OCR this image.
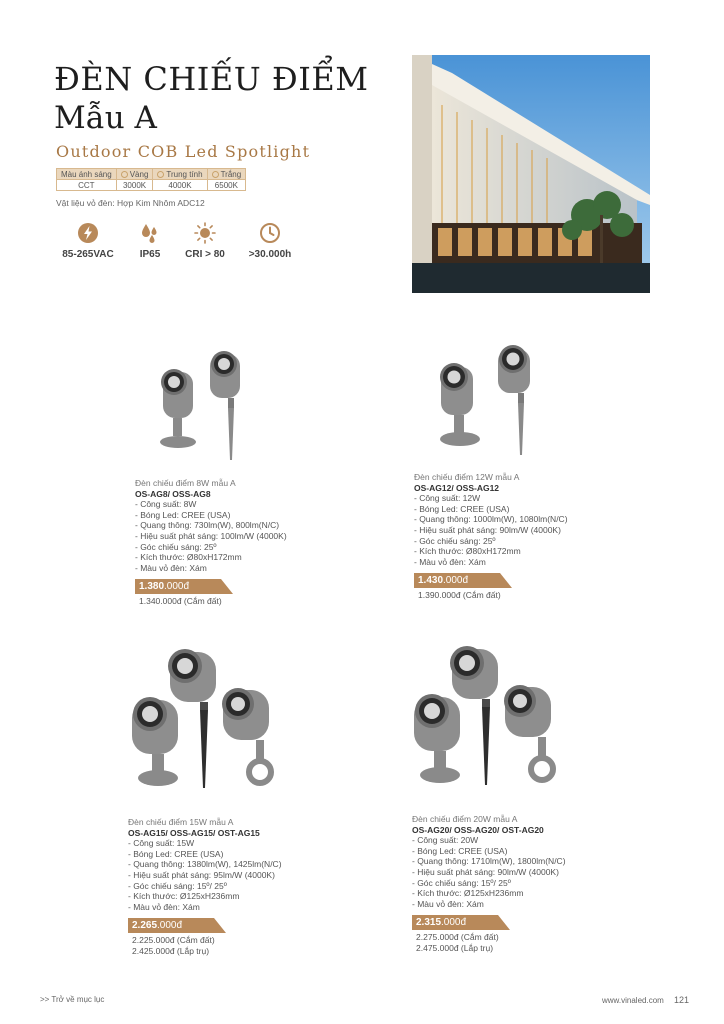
ĐÈN CHIẾU ĐIỂM
Mẫu A
Outdoor COB Led Spotlight
Màu ánh sáng	Vàng	Trung tính	Trắng
CCT	3000K	4000K	6500K
Vật liệu vỏ đèn: Hợp Kim Nhôm ADC12
85-265VAC	IP65	CRI > 80	>30.000h
Đèn chiếu điểm 8W mẫu A
OS-AG8/ OSS-AG8
- Công suất: 8W
- Bóng Led: CREE (USA)
- Quang thông: 730lm(W), 800lm(N/C)
- Hiệu suất phát sáng: 100lm/W (4000K)
- Góc chiếu sáng: 25º
- Kích thước: Ø80xH172mm
- Màu vỏ đèn: Xám
1.380.000đ
1.340.000đ (Cắm đất)
Đèn chiếu điểm 12W mẫu A
OS-AG12/ OSS-AG12
- Công suất: 12W
- Bóng Led: CREE (USA)
- Quang thông: 1000lm(W), 1080lm(N/C)
- Hiệu suất phát sáng: 90lm/W (4000K)
- Góc chiếu sáng: 25º
- Kích thước: Ø80xH172mm
- Màu vỏ đèn: Xám
1.430.000đ
1.390.000đ (Cắm đất)
Đèn chiếu điểm 15W mẫu A
OS-AG15/ OSS-AG15/ OST-AG15
- Công suất: 15W
- Bóng Led: CREE (USA)
- Quang thông: 1380lm(W), 1425lm(N/C)
- Hiệu suất phát sáng: 95lm/W (4000K)
- Góc chiếu sáng: 15º/ 25º
- Kích thước: Ø125xH236mm
- Màu vỏ đèn: Xám
2.265.000đ
2.225.000đ (Cắm đất)
2.425.000đ (Lắp trụ)
Đèn chiếu điểm 20W mẫu A
OS-AG20/ OSS-AG20/ OST-AG20
- Công suất: 20W
- Bóng Led: CREE (USA)
- Quang thông: 1710lm(W), 1800lm(N/C)
- Hiệu suất phát sáng: 90lm/W (4000K)
- Góc chiếu sáng: 15º/ 25º
- Kích thước: Ø125xH236mm
- Màu vỏ đèn: Xám
2.315.000đ
2.275.000đ (Cắm đất)
2.475.000đ (Lắp trụ)
>> Trở về mục lục	www.vinaled.com 121
